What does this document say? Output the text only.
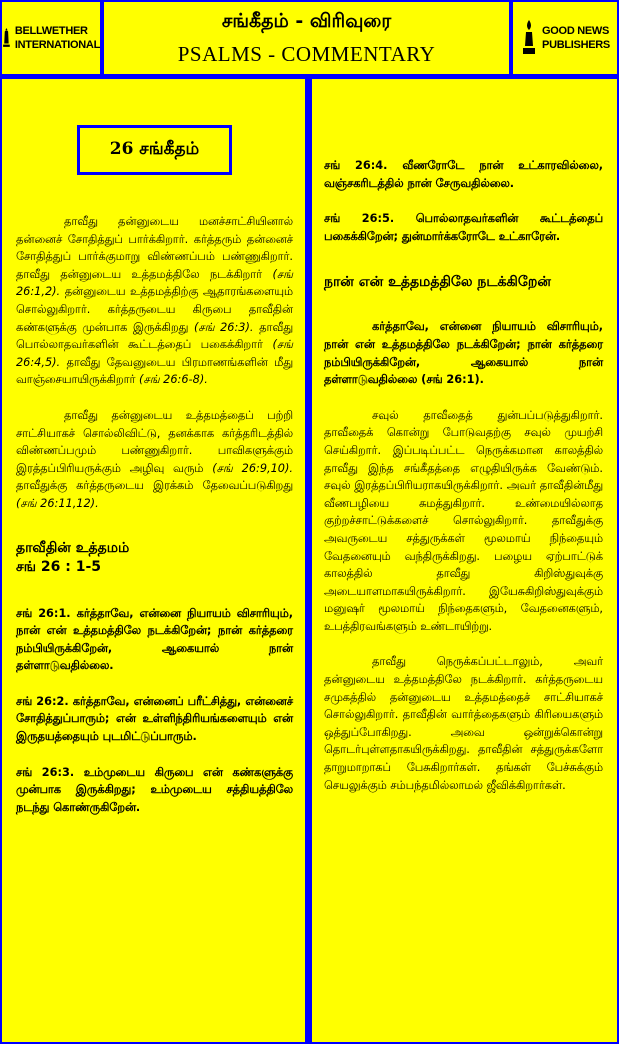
BELLWETHER
INTERNATIONAL
சங்கீதம் - விரிவுரை
PSALMS - COMMENTARY
GOOD NEWS
PUBLISHERS
26 சங்கீதம்

தாவீது தன்னுடைய மனச்சாட்சியினால் தன்னைச் சோதித்துப் பார்க்கிறார். கர்த்தரும் தன்னைச் சோதித்துப் பார்க்குமாறு விண்ணப்பம் பண்ணுகிறார். தாவீது தன்னுடைய உத்தமத்திலே நடக்கிறார் (சங் 26:1,2). தன்னுடைய உத்தமத்திற்கு ஆதாரங்களையும் சொல்லுகிறார். கர்த்தருடைய கிருபை தாவீதின் கண்களுக்கு முன்பாக இருக்கிறது (சங் 26:3). தாவீது பொல்லாதவர்களின் கூட்டத்தைப் பகைக்கிறார் (சங் 26:4,5). தாவீது தேவனுடைய பிரமாணங்களின் மீது வாஞ்சையாயிருக்கிறார் (சங் 26:6-8).

தாவீது தன்னுடைய உத்தமத்தைப் பற்றி சாட்சியாகச் சொல்லிவிட்டு, தனக்காக கர்த்தரிடத்தில் விண்ணப்பமும் பண்ணுகிறார். பாவிகளுக்கும் இரத்தப்பிரியருக்கும் அழிவு வரும் (சங் 26:9,10). தாவீதுக்கு கர்த்தருடைய இரக்கம் தேவைப்படுகிறது (சங் 26:11,12).

தாவீதின் உத்தமம்
சங் 26 : 1-5

சங் 26:1. கர்த்தாவே, என்னை நியாயம் விசாரியும், நான் என் உத்தமத்திலே நடக்கிறேன்; நான் கர்த்தரை நம்பியிருக்கிறேன், ஆகையால் நான் தள்ளாடுவதில்லை.

சங் 26:2. கர்த்தாவே, என்னைப் பரீட்சித்து, என்னைச் சோதித்துப்பாரும்; என் உள்ளிந்திரியங்களையும் என் இருதயத்தையும் புடமிட்டுப்பாரும்.

சங் 26:3. உம்முடைய கிருபை என் கண்களுக்கு முன்பாக இருக்கிறது; உம்முடைய சத்தியத்திலே நடந்து கொண்ருகிறேன்.

சங் 26:4. வீணரோடே நான் உட்காரவில்லை, வஞ்சகரிடத்தில் நான் சேருவதில்லை.

சங் 26:5. பொல்லாதவர்களின் கூட்டத்தைப் பகைக்கிறேன்; துன்மார்க்கரோடே உட்காரேன்.

நான் என் உத்தமத்திலே நடக்கிறேன்

கர்த்தாவே, என்னை நியாயம் விசாரியும், நான் என் உத்தமத்திலே நடக்கிறேன்; நான் கர்த்தரை நம்பியிருக்கிறேன், ஆகையால் நான் தள்ளாடுவதில்லை (சங் 26:1).

சவுல் தாவீதைத் துன்பப்படுத்துகிறார். தாவீதைக் கொன்று போடுவதற்கு சவுல் முயற்சி செய்கிறார். இப்படிப்பட்ட நெருக்கமான காலத்தில் தாவீது இந்த சங்கீதத்தை எழுதியிருக்க வேண்டும். சவுல் இரத்தப்பிரியராகயிருக்கிறார். அவர் தாவீதின்மீது வீணபழியை சுமத்துகிறார். உண்மையில்லாத குற்றச்சாட்டுக்களைச் சொல்லுகிறார். தாவீதுக்கு அவருடைய சத்துருக்கள் மூலமாய் நிந்தையும் வேதனையும் வந்திருக்கிறது. பழைய ஏற்பாட்டுக் காலத்தில் தாவீது கிறிஸ்துவுக்கு அடையாளமாகயிருக்கிறார். இயேசுகிறிஸ்துவுக்கும் மனுஷர் மூலமாய் நிந்தைகளும், வேதனைகளும், உபத்திரவங்களும் உண்டாயிற்று.

தாவீது நெருக்கப்பட்டாலும், அவர் தன்னுடைய உத்தமத்திலே நடக்கிறார். கர்த்தருடைய சமுகத்தில் தன்னுடைய உத்தமத்தைச் சாட்சியாகச் சொல்லுகிறார். தாவீதின் வார்த்தைகளும் கிரியைகளும் ஒத்துப்போகிறது. அவை ஒன்றுக்கொன்று தொடர்புள்ளதாகயிருக்கிறது. தாவீதின் சத்துருக்களோ தாறுமாறாகப் பேசுகிறார்கள். தங்கள் பேச்சுக்கும் செயலுக்கும் சம்பந்தமில்லாமல் ஜீவிக்கிறார்கள்.
